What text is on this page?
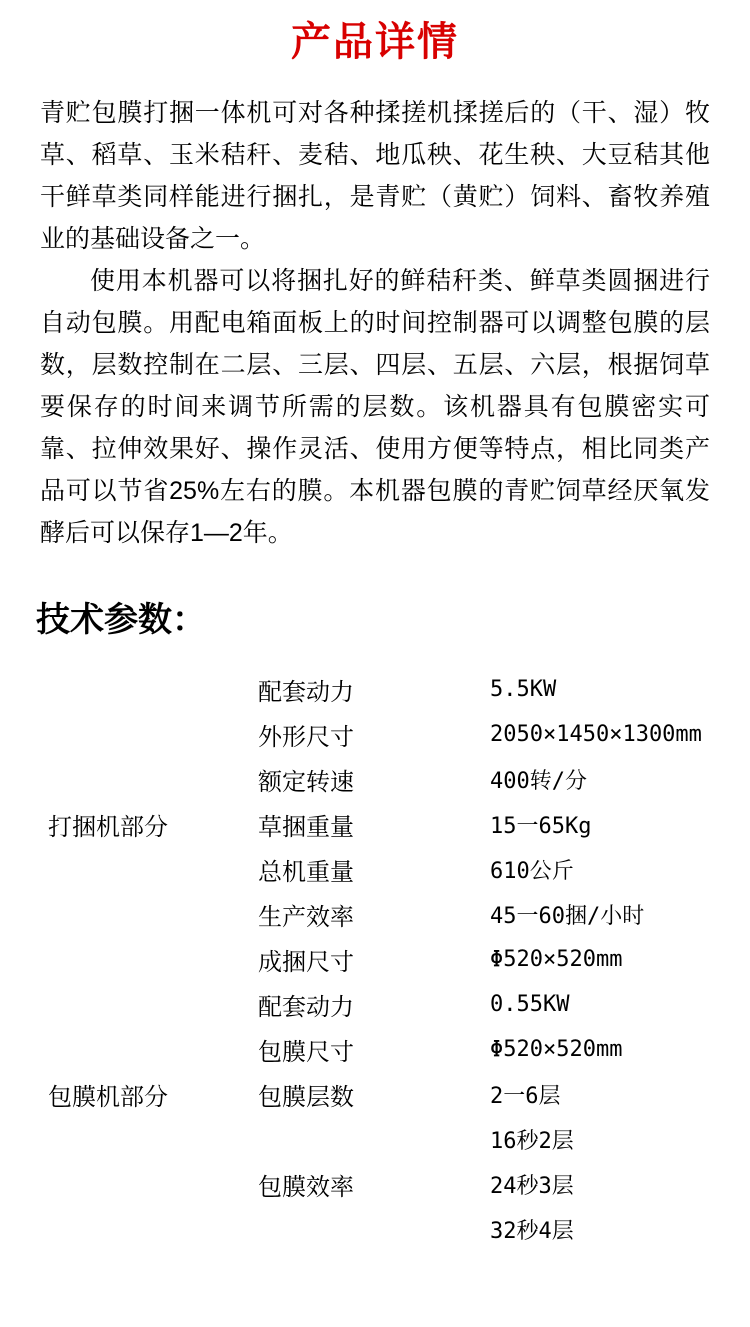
产品详情

青贮包膜打捆一体机可对各种揉搓机揉搓后的（干、湿）牧草、稻草、玉米秸秆、麦秸、地瓜秧、花生秧、大豆秸其他干鲜草类同样能进行捆扎，是青贮（黄贮）饲料、畜牧养殖业的基础设备之一。

使用本机器可以将捆扎好的鲜秸秆类、鲜草类圆捆进行自动包膜。用配电箱面板上的时间控制器可以调整包膜的层数，层数控制在二层、三层、四层、五层、六层，根据饲草要保存的时间来调节所需的层数。该机器具有包膜密实可靠、拉伸效果好、操作灵活、使用方便等特点，相比同类产品可以节省25%左右的膜。本机器包膜的青贮饲草经厌氧发酵后可以保存1—2年。

技术参数：
配套动力	5.5KW
外形尺寸	2050×1450×1300mm
额定转速	400转/分
打捆机部分	草捆重量	15一65Kg
总机重量	610公斤
生产效率	45一60捆/小时
成捆尺寸	Φ520×520mm
配套动力	0.55KW
包膜尺寸	Φ520×520mm
包膜机部分	包膜层数	2一6层
16秒2层
包膜效率	24秒3层
32秒4层
